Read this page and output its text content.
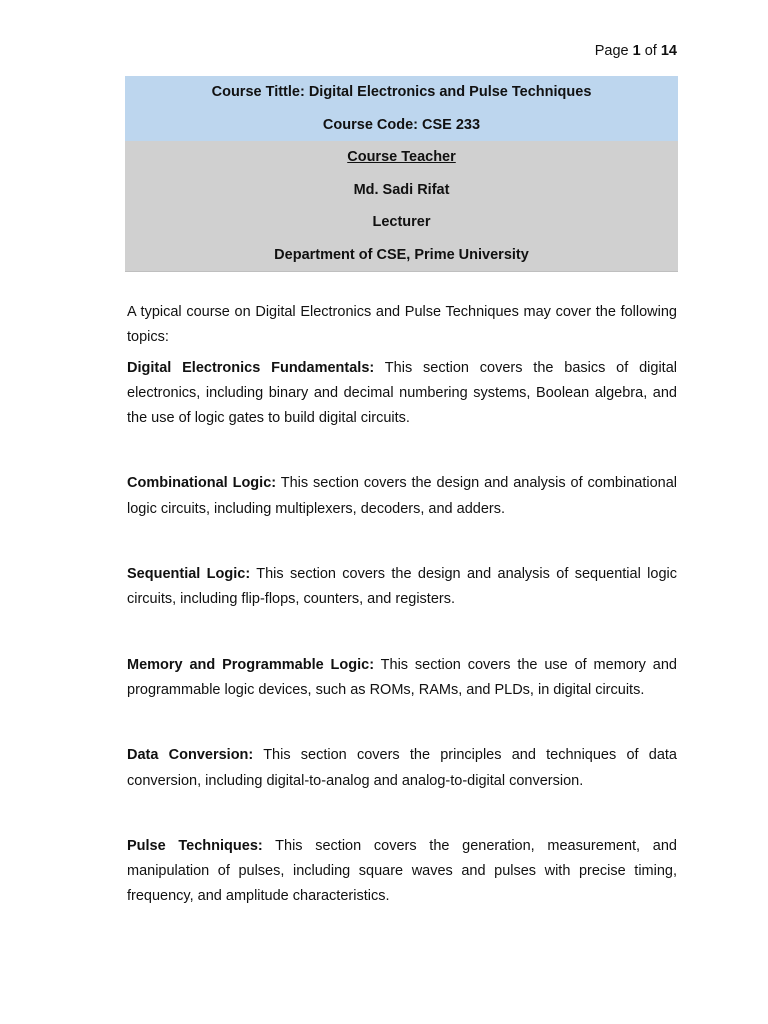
Page 1 of 14
Course Tittle: Digital Electronics and Pulse Techniques
Course Code: CSE 233
Course Teacher
Md. Sadi Rifat
Lecturer
Department of CSE, Prime University

A typical course on Digital Electronics and Pulse Techniques may cover the following topics:

Digital Electronics Fundamentals: This section covers the basics of digital electronics, including binary and decimal numbering systems, Boolean algebra, and the use of logic gates to build digital circuits.

Combinational Logic: This section covers the design and analysis of combinational logic circuits, including multiplexers, decoders, and adders.

Sequential Logic: This section covers the design and analysis of sequential logic circuits, including flip-flops, counters, and registers.

Memory and Programmable Logic: This section covers the use of memory and programmable logic devices, such as ROMs, RAMs, and PLDs, in digital circuits.

Data Conversion: This section covers the principles and techniques of data conversion, including digital-to-analog and analog-to-digital conversion.

Pulse Techniques: This section covers the generation, measurement, and manipulation of pulses, including square waves and pulses with precise timing, frequency, and amplitude characteristics.
